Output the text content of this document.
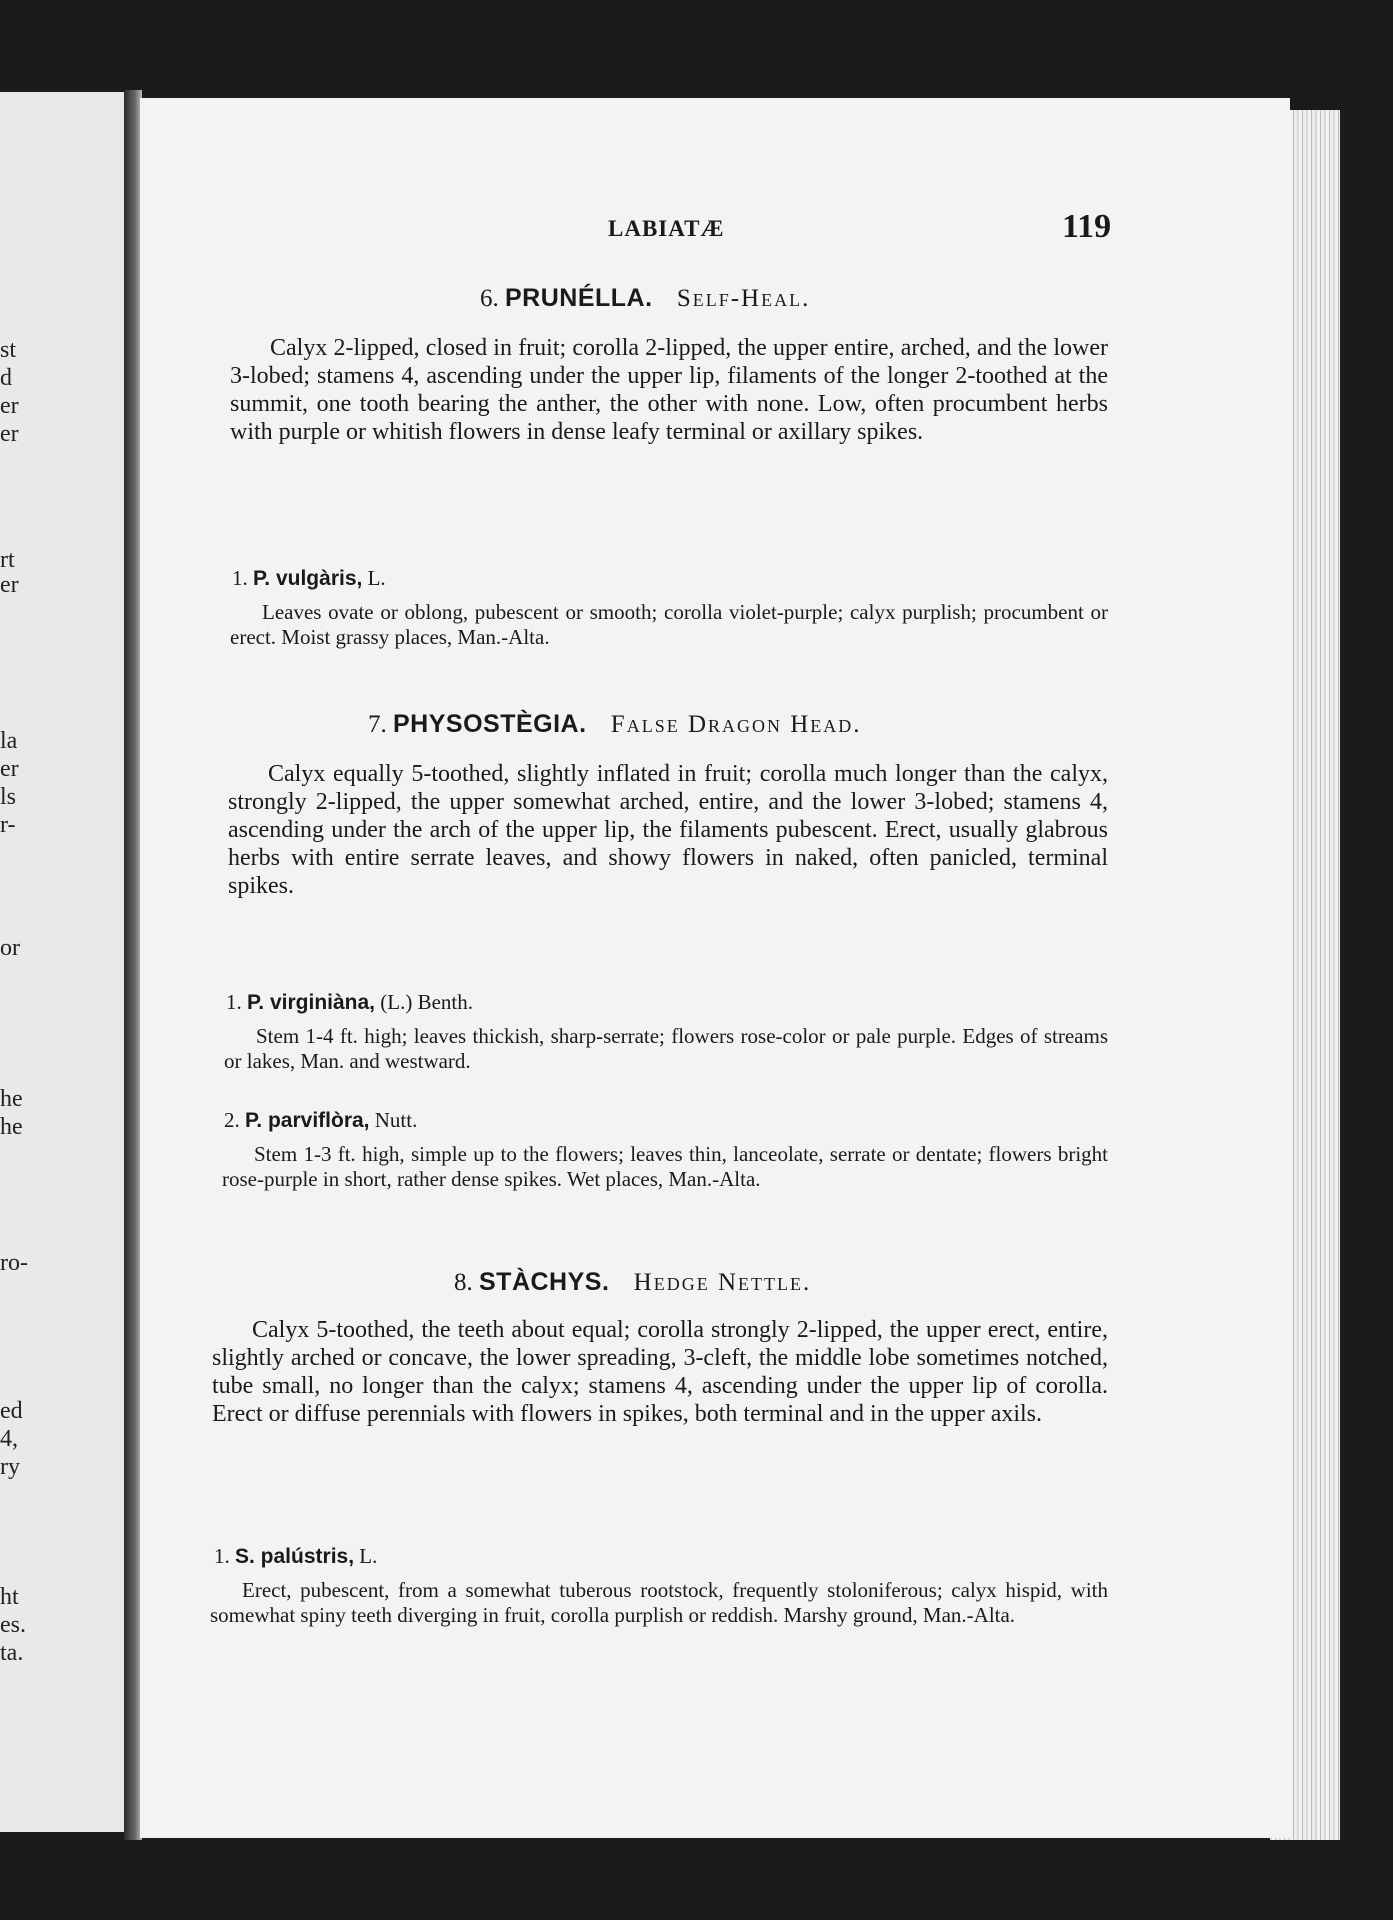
st
d
er
er
rt
er
la
er
ls
r-
or
he
he
ro-
ed
4,
ry
ht
es.
ta.
LABIATÆ	119
6. PRUNÉLLA. Self-Heal.
Calyx 2-lipped, closed in fruit; corolla 2-lipped, the upper entire, arched, and the lower 3-lobed; stamens 4, ascending under the upper lip, filaments of the longer 2-toothed at the summit, one tooth bearing the anther, the other with none. Low, often procumbent herbs with purple or whitish flowers in dense leafy terminal or axillary spikes.
1. P. vulgàris, L.
Leaves ovate or oblong, pubescent or smooth; corolla violet-purple; calyx purplish; procumbent or erect. Moist grassy places, Man.-Alta.
7. PHYSOSTÈGIA. False Dragon Head.
Calyx equally 5-toothed, slightly inflated in fruit; corolla much longer than the calyx, strongly 2-lipped, the upper somewhat arched, entire, and the lower 3-lobed; stamens 4, ascending under the arch of the upper lip, the filaments pubescent. Erect, usually glabrous herbs with entire serrate leaves, and showy flowers in naked, often panicled, terminal spikes.
1. P. virginiàna, (L.) Benth.
Stem 1-4 ft. high; leaves thickish, sharp-serrate; flowers rose-color or pale purple. Edges of streams or lakes, Man. and westward.
2. P. parviflòra, Nutt.
Stem 1-3 ft. high, simple up to the flowers; leaves thin, lanceolate, serrate or dentate; flowers bright rose-purple in short, rather dense spikes. Wet places, Man.-Alta.
8. STÀCHYS. Hedge Nettle.
Calyx 5-toothed, the teeth about equal; corolla strongly 2-lipped, the upper erect, entire, slightly arched or concave, the lower spreading, 3-cleft, the middle lobe sometimes notched, tube small, no longer than the calyx; stamens 4, ascending under the upper lip of corolla. Erect or diffuse perennials with flowers in spikes, both terminal and in the upper axils.
1. S. palústris, L.
Erect, pubescent, from a somewhat tuberous rootstock, frequently stoloniferous; calyx hispid, with somewhat spiny teeth diverging in fruit, corolla purplish or reddish. Marshy ground, Man.-Alta.
